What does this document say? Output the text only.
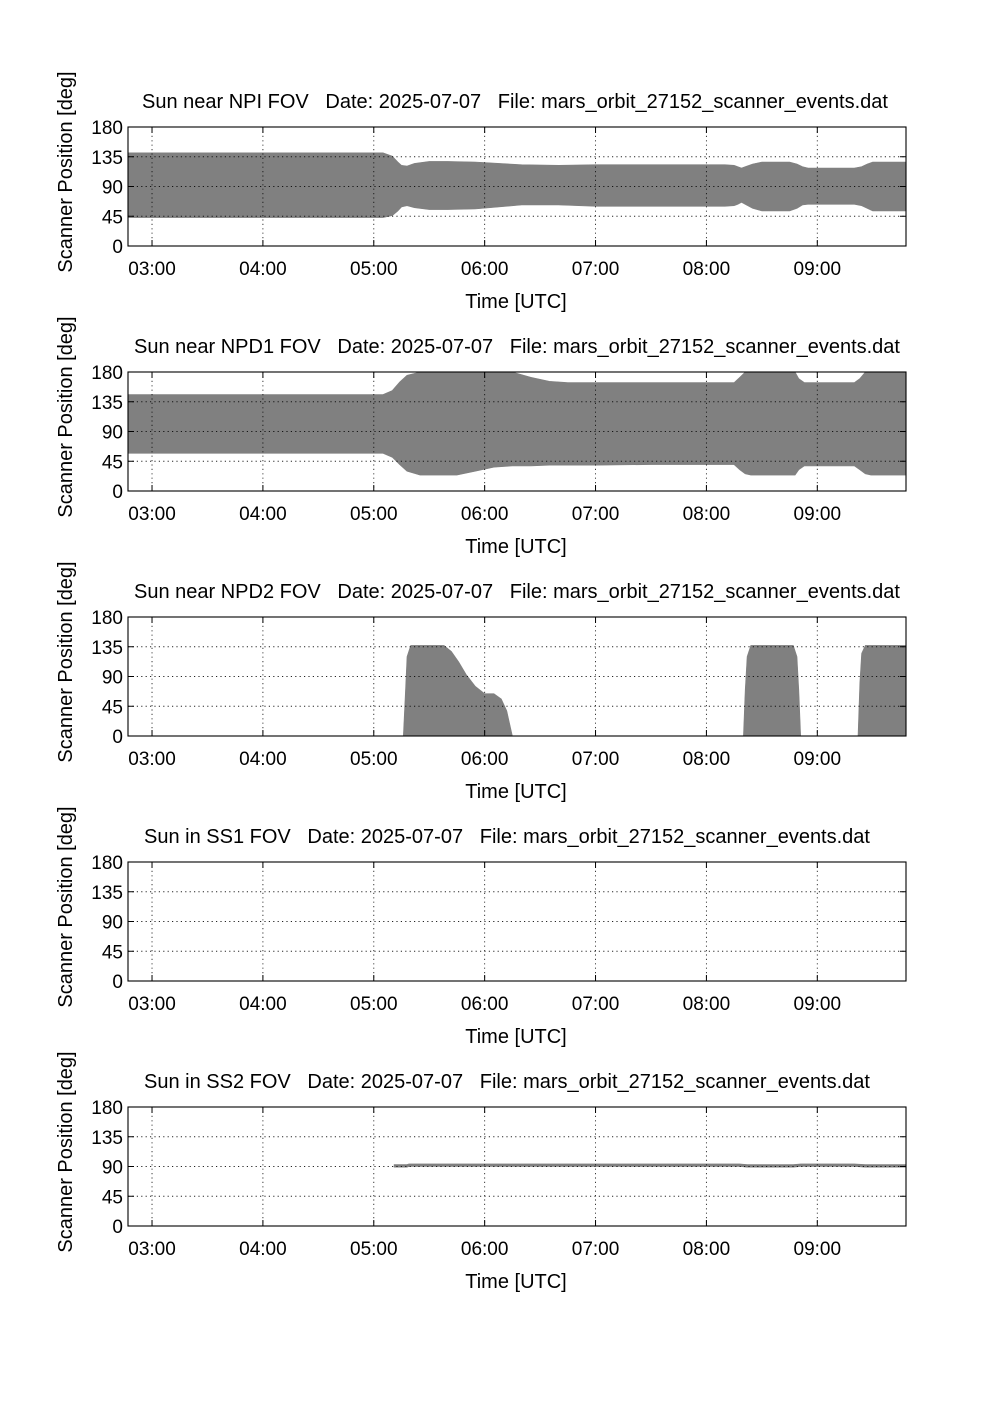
Sun near NPI FOV   Date: 2025-07-07   File: mars_orbit_27152_scanner_events.dat
0
45
90
135
180
03:00	04:00	05:00	06:00	07:00	08:00	09:00
Time [UTC]
Scanner Position [deg]
Sun near NPD1 FOV   Date: 2025-07-07   File: mars_orbit_27152_scanner_events.dat
0
45
90
135
180
03:00	04:00	05:00	06:00	07:00	08:00	09:00
Time [UTC]
Scanner Position [deg]
Sun near NPD2 FOV   Date: 2025-07-07   File: mars_orbit_27152_scanner_events.dat
0
45
90
135
180
03:00	04:00	05:00	06:00	07:00	08:00	09:00
Time [UTC]
Scanner Position [deg]
Sun in SS1 FOV   Date: 2025-07-07   File: mars_orbit_27152_scanner_events.dat
0
45
90
135
180
03:00	04:00	05:00	06:00	07:00	08:00	09:00
Time [UTC]
Scanner Position [deg]
Sun in SS2 FOV   Date: 2025-07-07   File: mars_orbit_27152_scanner_events.dat
0
45
90
135
180
03:00	04:00	05:00	06:00	07:00	08:00	09:00
Time [UTC]
Scanner Position [deg]
